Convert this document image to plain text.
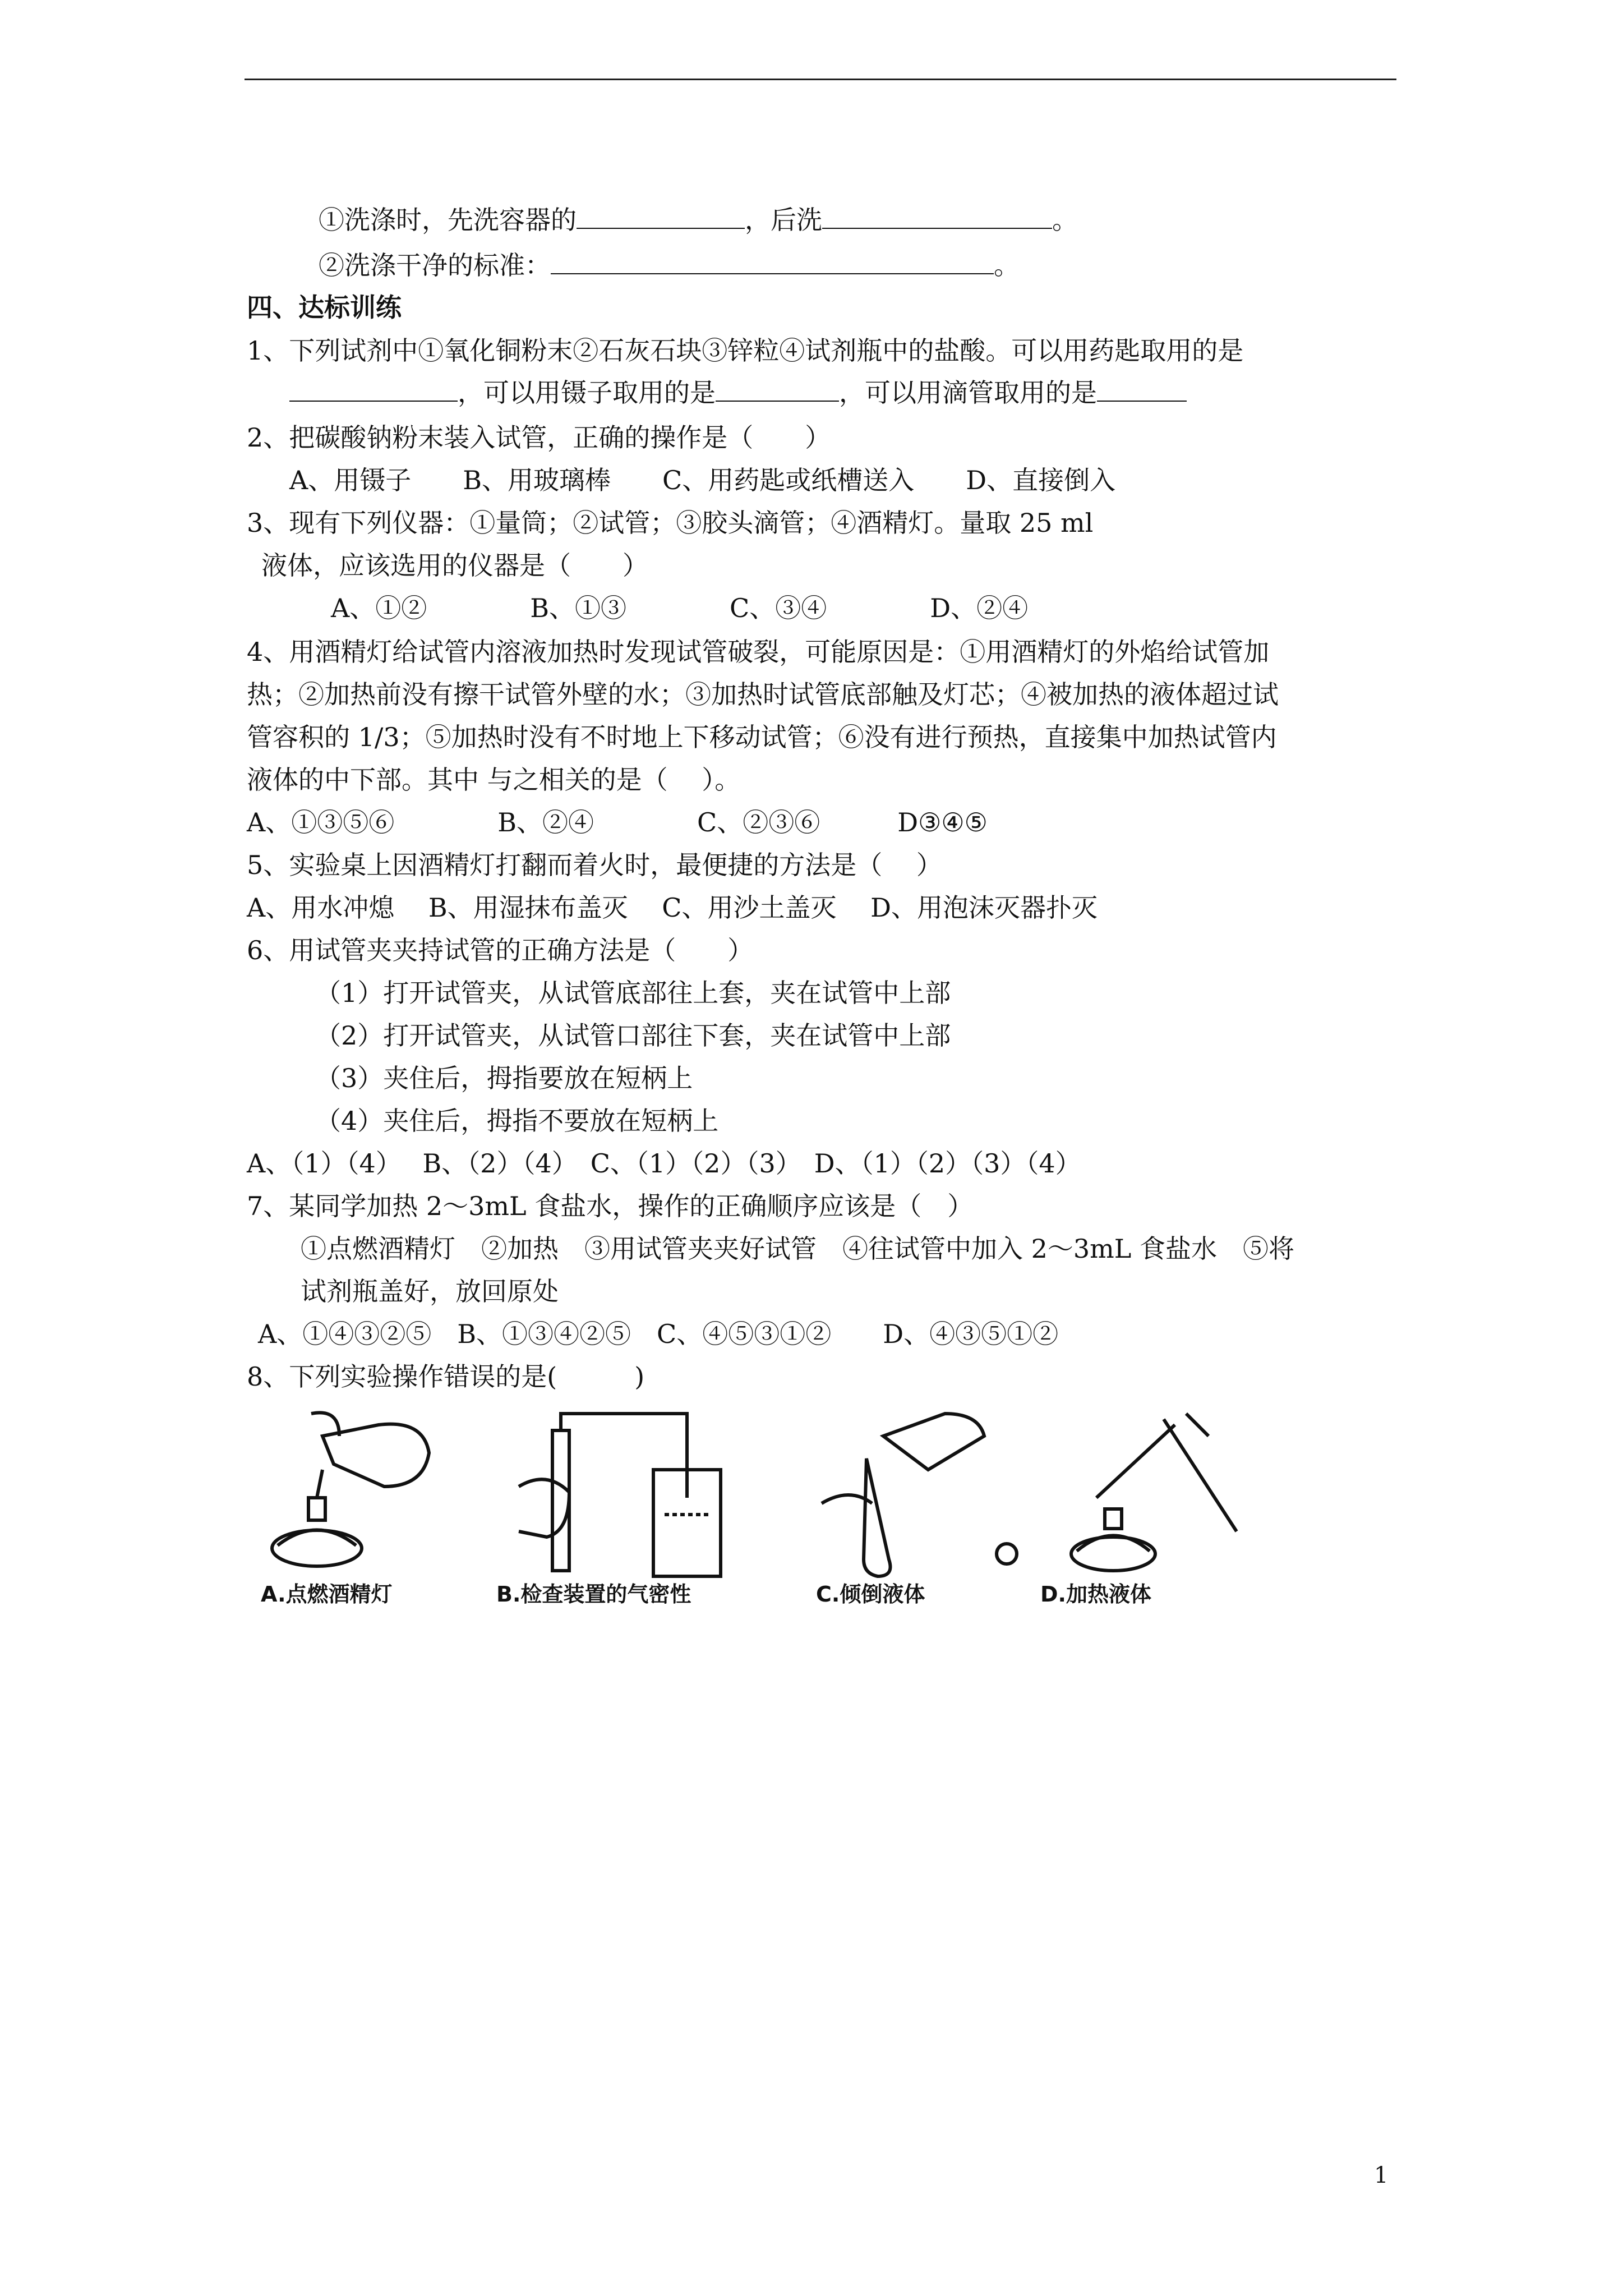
①洗涤时，先洗容器的	，后洗	。
②洗涤干净的标准：	。
四、达标训练
1、下列试剂中①氧化铜粉末②石灰石块③锌粒④试剂瓶中的盐酸。可以用药匙取用的是
，可以用镊子取用的是	，可以用滴管取用的是
2、把碳酸钠粉末装入试管，正确的操作是（　　）
A、用镊子　　B、用玻璃棒　　C、用药匙或纸槽送入　　D、直接倒入
3、现有下列仪器：①量筒；②试管；③胶头滴管；④酒精灯。量取 25 ml
液体，应该选用的仪器是（　　）
A、①②　　　　B、①③　　　　C、③④　　　　D、②④
4、用酒精灯给试管内溶液加热时发现试管破裂，可能原因是：①用酒精灯的外焰给试管加
热；②加热前没有擦干试管外壁的水；③加热时试管底部触及灯芯；④被加热的液体超过试
管容积的 1/3；⑤加热时没有不时地上下移动试管；⑥没有进行预热，直接集中加热试管内
液体的中下部。其中 与之相关的是（　 ）。
A、①③⑤⑥　　　　B、②④　　　　C、②③⑥　　　D③④⑤
5、实验桌上因酒精灯打翻而着火时，最便捷的方法是（　 ）
A、用水冲熄　 B、用湿抹布盖灭　 C、用沙土盖灭　 D、用泡沫灭器扑灭
6、用试管夹夹持试管的正确方法是（　　）
（1）打开试管夹，从试管底部往上套，夹在试管中上部
（2）打开试管夹，从试管口部往下套，夹在试管中上部
（3）夹住后，拇指要放在短柄上
（4）夹住后，拇指不要放在短柄上
A、（1）（4）　 B、（2）（4）　C、（1）（2）（3）　D、（1）（2）（3）（4）
7、某同学加热 2～3mL 食盐水，操作的正确顺序应该是（　）
①点燃酒精灯　②加热　③用试管夹夹好试管　④往试管中加入 2～3mL 食盐水　⑤将
试剂瓶盖好，放回原处
A、①④③②⑤　B、①③④②⑤　C、④⑤③①②　　D、④③⑤①②
8、下列实验操作错误的是(　　　)
A.点燃酒精灯	B.检查装置的气密性	C.倾倒液体	D.加热液体
1
